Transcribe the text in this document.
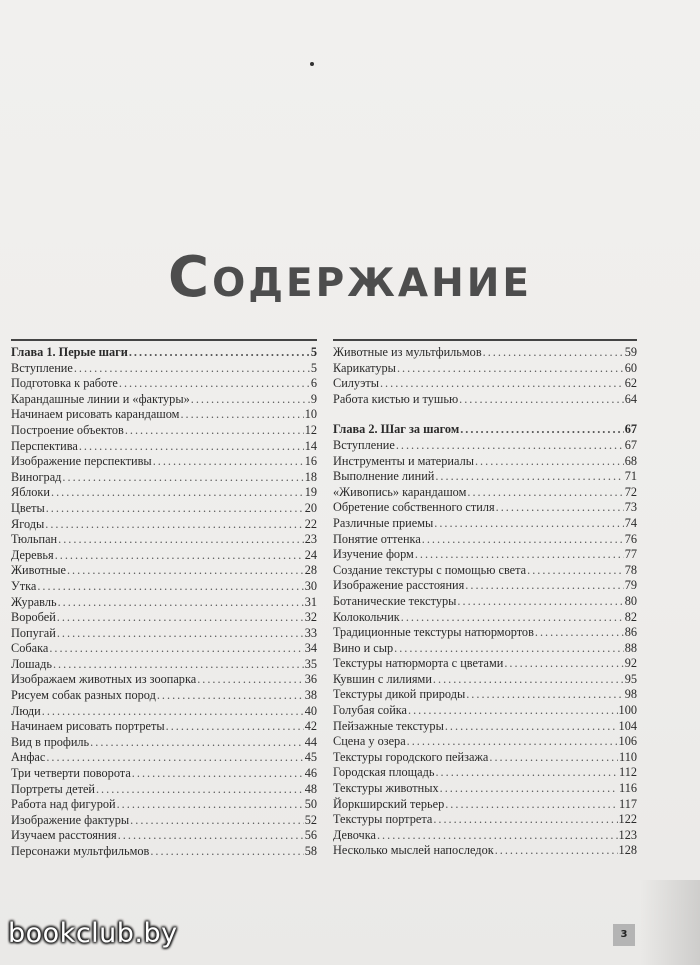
Содержание
Глава 1. Перые шаги .....	5
Вступление .....	5
Подготовка к работе .....	6
Карандашные линии и «фактуры» .....	9
Начинаем рисовать карандашом .....	10
Построение объектов .....	12
Перспектива .....	14
Изображение перспективы .....	16
Виноград .....	18
Яблоки .....	19
Цветы .....	20
Ягоды .....	22
Тюльпан .....	23
Деревья .....	24
Животные .....	28
Утка .....	30
Журавль .....	31
Воробей .....	32
Попугай .....	33
Собака .....	34
Лошадь .....	35
Изображаем животных из зоопарка .....	36
Рисуем собак разных пород .....	38
Люди .....	40
Начинаем рисовать портреты .....	42
Вид в профиль .....	44
Анфас .....	45
Три четверти поворота .....	46
Портреты детей .....	48
Работа над фигурой .....	50
Изображение фактуры .....	52
Изучаем расстояния .....	56
Персонажи мультфильмов .....	58
Животные из мультфильмов .....	59
Карикатуры .....	60
Силуэты .....	62
Работа кистью и тушью .....	64
Глава 2. Шаг за шагом .....	67
Вступление .....	67
Инструменты и материалы .....	68
Выполнение линий .....	71
«Живопись» карандашом .....	72
Обретение собственного стиля .....	73
Различные приемы .....	74
Понятие оттенка .....	76
Изучение форм .....	77
Создание текстуры с помощью света .....	78
Изображение расстояния .....	79
Ботанические текстуры .....	80
Колокольчик .....	82
Традиционные текстуры натюрмортов .....	86
Вино и сыр .....	88
Текстуры натюрморта с цветами .....	92
Кувшин с лилиями .....	95
Текстуры дикой природы .....	98
Голубая сойка .....	100
Пейзажные текстуры .....	104
Сцена у озера .....	106
Текстуры городского пейзажа .....	110
Городская площадь .....	112
Текстуры животных .....	116
Йоркширский терьер .....	117
Текстуры портрета .....	122
Девочка .....	123
Несколько мыслей напоследок .....	128
3
bookclub.by
